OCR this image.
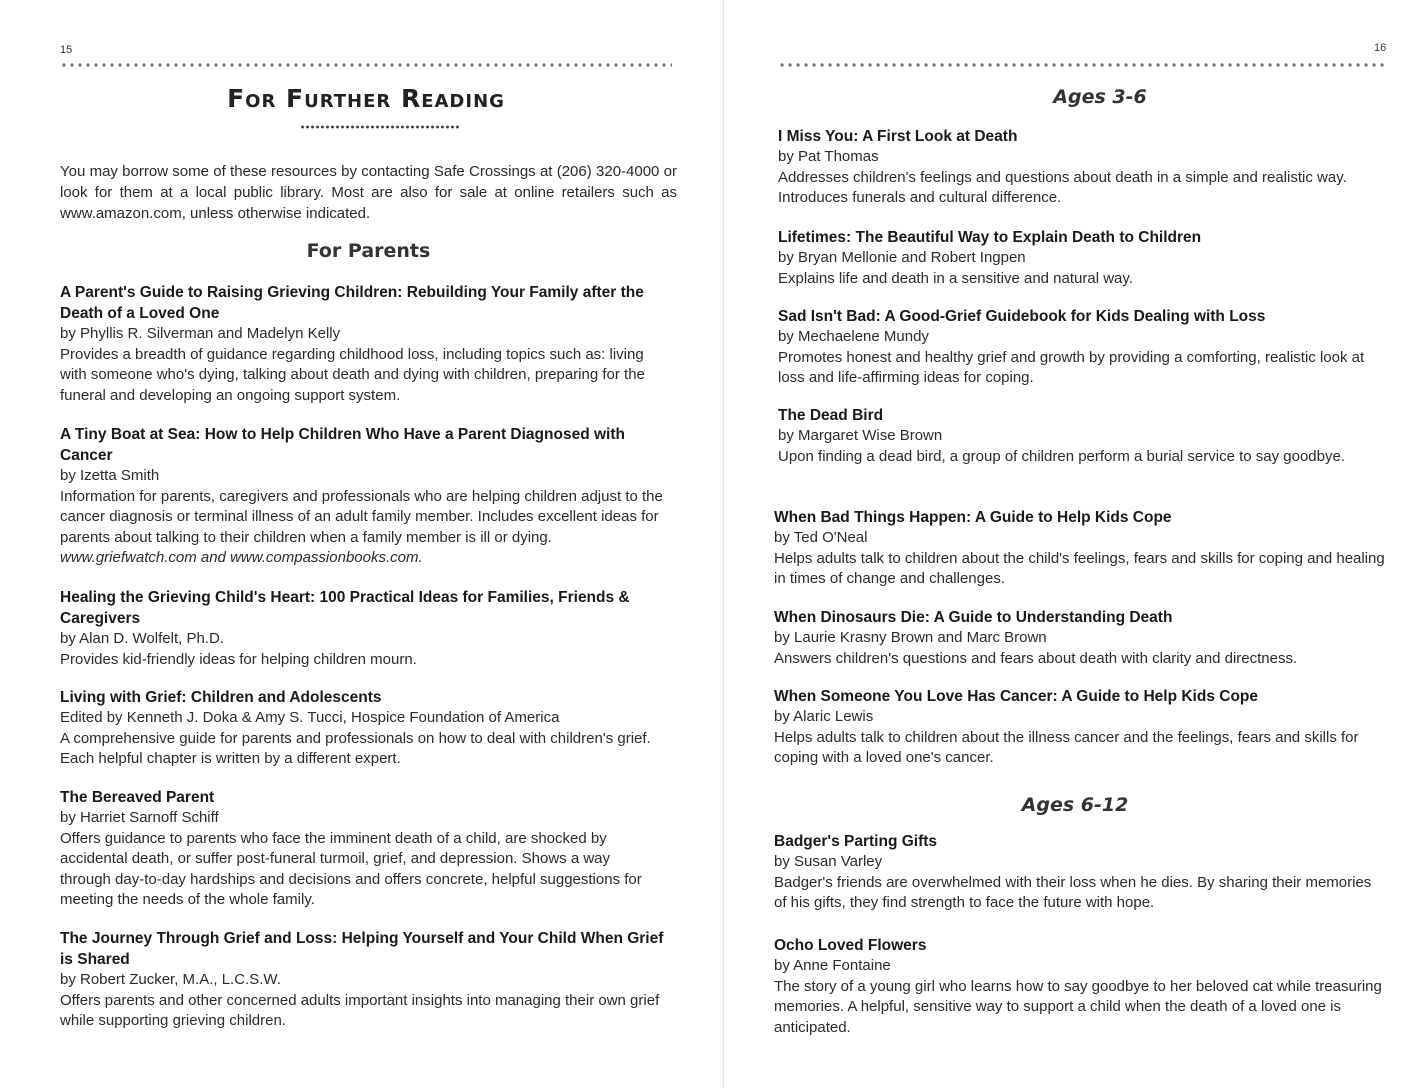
15
For Further Reading

You may borrow some of these resources by contacting Safe Crossings at (206) 320-4000 or look for them at a local public library. Most are also for sale at online retailers such as www.amazon.com, unless otherwise indicated.

For Parents
A Parent's Guide to Raising Grieving Children: Rebuilding Your Family after the Death of a Loved One
by Phyllis R. Silverman and Madelyn Kelly
Provides a breadth of guidance regarding childhood loss, including topics such as: living with someone who's dying, talking about death and dying with children, preparing for the funeral and developing an ongoing support system.
A Tiny Boat at Sea: How to Help Children Who Have a Parent Diagnosed with Cancer
by Izetta Smith
Information for parents, caregivers and professionals who are helping children adjust to the cancer diagnosis or terminal illness of an adult family member. Includes excellent ideas for parents about talking to their children when a family member is ill or dying. www.griefwatch.com and www.compassionbooks.com.
Healing the Grieving Child's Heart: 100 Practical Ideas for Families, Friends & Caregivers
by Alan D. Wolfelt, Ph.D.
Provides kid-friendly ideas for helping children mourn.
Living with Grief: Children and Adolescents
Edited by Kenneth J. Doka & Amy S. Tucci, Hospice Foundation of America
A comprehensive guide for parents and professionals on how to deal with children's grief. Each helpful chapter is written by a different expert.
The Bereaved Parent
by Harriet Sarnoff Schiff
Offers guidance to parents who face the imminent death of a child, are shocked by accidental death, or suffer post-funeral turmoil, grief, and depression. Shows a way through day-to-day hardships and decisions and offers concrete, helpful suggestions for meeting the needs of the whole family.
The Journey Through Grief and Loss: Helping Yourself and Your Child When Grief is Shared
by Robert Zucker, M.A., L.C.S.W.
Offers parents and other concerned adults important insights into managing their own grief while supporting grieving children.
16
Ages 3-6
I Miss You: A First Look at Death
by Pat Thomas
Addresses children's feelings and questions about death in a simple and realistic way. Introduces funerals and cultural difference.
Lifetimes: The Beautiful Way to Explain Death to Children
by Bryan Mellonie and Robert Ingpen
Explains life and death in a sensitive and natural way.
Sad Isn't Bad: A Good-Grief Guidebook for Kids Dealing with Loss
by Mechaelene Mundy
Promotes honest and healthy grief and growth by providing a comforting, realistic look at loss and life-affirming ideas for coping.
The Dead Bird
by Margaret Wise Brown
Upon finding a dead bird, a group of children perform a burial service to say goodbye.
When Bad Things Happen: A Guide to Help Kids Cope
by Ted O'Neal
Helps adults talk to children about the child's feelings, fears and skills for coping and healing in times of change and challenges.
When Dinosaurs Die: A Guide to Understanding Death
by Laurie Krasny Brown and Marc Brown
Answers children's questions and fears about death with clarity and directness.
When Someone You Love Has Cancer: A Guide to Help Kids Cope
by Alaric Lewis
Helps adults talk to children about the illness cancer and the feelings, fears and skills for coping with a loved one's cancer.
Ages 6-12
Badger's Parting Gifts
by Susan Varley
Badger's friends are overwhelmed with their loss when he dies. By sharing their memories of his gifts, they find strength to face the future with hope.
Ocho Loved Flowers
by Anne Fontaine
The story of a young girl who learns how to say goodbye to her beloved cat while treasuring memories. A helpful, sensitive way to support a child when the death of a loved one is anticipated.
